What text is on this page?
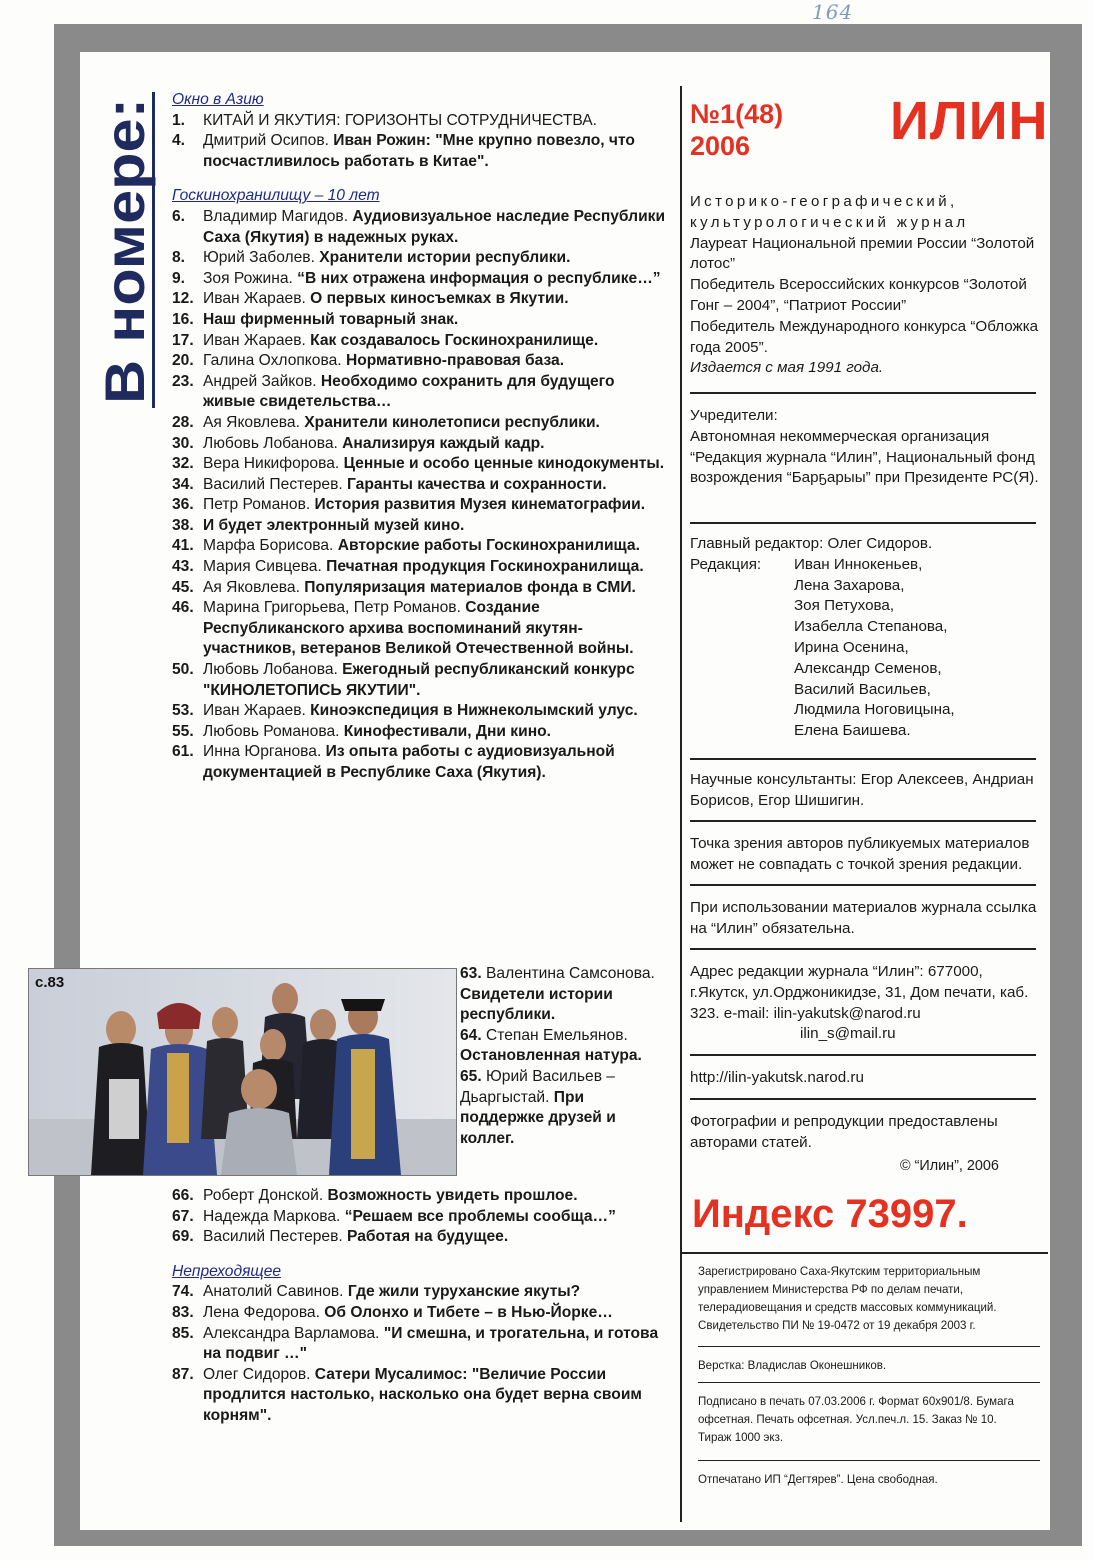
164
В номере:

Окно в Азию

1. КИТАЙ И ЯКУТИЯ: ГОРИЗОНТЫ СОТРУДНИЧЕСТВА.

4. Дмитрий Осипов. Иван Рожин: "Мне крупно повезло, что посчастливилось работать в Китае".

Госкинохранилищу – 10 лет

6. Владимир Магидов. Аудиовизуальное наследие Республики Саха (Якутия) в надежных руках.

8. Юрий Заболев. Хранители истории республики.

9. Зоя Рожина. “В них отражена информация о республике…”

12. Иван Жараев. О первых киносъемках в Якутии.

16. Наш фирменный товарный знак.

17. Иван Жараев. Как создавалось Госкинохранилище.

20. Галина Охлопкова. Нормативно-правовая база.

23. Андрей Зайков. Необходимо сохранить для будущего живые свидетельства…

28. Ая Яковлева. Хранители кинолетописи республики.

30. Любовь Лобанова. Анализируя каждый кадр.

32. Вера Никифорова. Ценные и особо ценные кинодокументы.

34. Василий Пестерев. Гаранты качества и сохранности.

36. Петр Романов. История развития Музея кинематографии.

38. И будет электронный музей кино.

41. Марфа Борисова. Авторские работы Госкинохранилища.

43. Мария Сивцева. Печатная продукция Госкинохранилища.

45. Ая Яковлева. Популяризация материалов фонда в СМИ.

46. Марина Григорьева, Петр Романов. Создание Республиканского архива воспоминаний якутян-участников, ветеранов Великой Отечественной войны.

50. Любовь Лобанова. Ежегодный республиканский конкурс "КИНОЛЕТОПИСЬ ЯКУТИИ".

53. Иван Жараев. Киноэкспедиция в Нижнеколымский улус.

55. Любовь Романова. Кинофестивали, Дни кино.

61. Инна Юрганова. Из опыта работы с аудиовизуальной документацией в Республике Саха (Якутия).

с.83

63. Валентина Самсонова.
Свидетели истории республики.

64. Степан Емельянов.
Остановленная натура.

65. Юрий Васильев – Дьаргыстай. При поддержке друзей и коллег.

66. Роберт Донской. Возможность увидеть прошлое.

67. Надежда Маркова. “Решаем все проблемы сообща…”

69. Василий Пестерев. Работая на будущее.

Непреходящее

74. Анатолий Савинов. Где жили туруханские якуты?

83. Лена Федорова. Об Олонхо и Тибете – в Нью-Йорке…

85. Александра Варламова. "И смешна, и трогательна, и готова на подвиг …"

87. Олег Сидоров. Сатери Мусалимос: "Величие России продлится настолько, насколько она будет верна своим корням".

№1(48)
2006	ИЛИН
Историко-географический,
культурологический журнал
Лауреат Национальной премии России “Золотой лотос”
Победитель Всероссийских конкурсов “Золотой Гонг – 2004”, “Патриот России”
Победитель Международного конкурса “Обложка года 2005”.
Издается с мая 1991 года.
Учредители:
Автономная некоммерческая организация “Редакция журнала “Илин”, Национальный фонд возрождения “Барҕарыы” при Президенте РС(Я).
Главный редактор: Олег Сидоров.
Редакция:	Иван Иннокеньев,
Лена Захарова,
Зоя Петухова,
Изабелла Степанова,
Ирина Осенина,
Александр Семенов,
Василий Васильев,
Людмила Ноговицына,
Елена Баишева.
Научные консультанты: Егор Алексеев, Андриан Борисов, Егор Шишигин.
Точка зрения авторов публикуемых материалов может не совпадать с точкой зрения редакции.
При использовании материалов журнала ссылка на “Илин” обязательна.
Адрес редакции журнала “Илин”: 677000, г.Якутск, ул.Орджоникидзе, 31, Дом печати, каб. 323. e-mail: ilin-yakutsk@narod.ru
ilin_s@mail.ru
http://ilin-yakutsk.narod.ru
Фотографии и репродукции предоставлены авторами статей.
© “Илин”, 2006
Индекс 73997.
Зарегистрировано Саха-Якутским территориальным управлением Министерства РФ по делам печати, телерадиовещания и средств массовых коммуникаций. Свидетельство ПИ № 19-0472 от 19 декабря 2003 г.
Верстка: Владислав Оконешников.
Подписано в печать 07.03.2006 г. Формат 60х901/8. Бумага офсетная. Печать офсетная. Усл.печ.л. 15. Заказ № 10. Тираж 1000 экз.
Отпечатано ИП “Дегтярев”. Цена свободная.
